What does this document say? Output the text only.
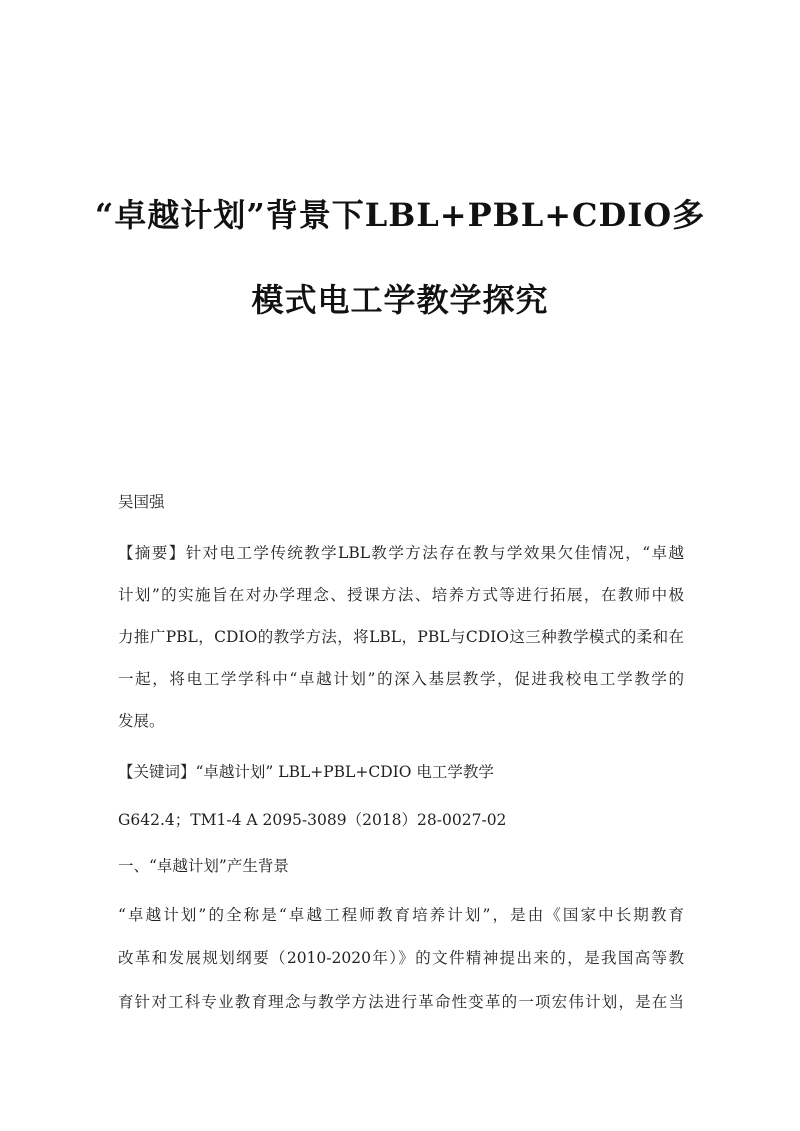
“卓越计划”背景下LBL+PBL+CDIO多
模式电工学教学探究
吴国强
【摘要】针对电工学传统教学LBL教学方法存在教与学效果欠佳情况，“卓越
计划”的实施旨在对办学理念、授课方法、培养方式等进行拓展，在教师中极
力推广PBL，CDIO的教学方法，将LBL，PBL与CDIO这三种教学模式的柔和在
一起，将电工学学科中“卓越计划”的深入基层教学，促进我校电工学教学的
发展。
【关键词】“卓越计划” LBL+PBL+CDIO 电工学教学
G642.4；TM1-4 A 2095-3089（2018）28-0027-02
一、“卓越计划”产生背景
“卓越计划”的全称是“卓越工程师教育培养计划”，是由《国家中长期教育
改革和发展规划纲要（2010-2020年）》的文件精神提出来的，是我国高等教
育针对工科专业教育理念与教学方法进行革命性变革的一项宏伟计划，是在当
